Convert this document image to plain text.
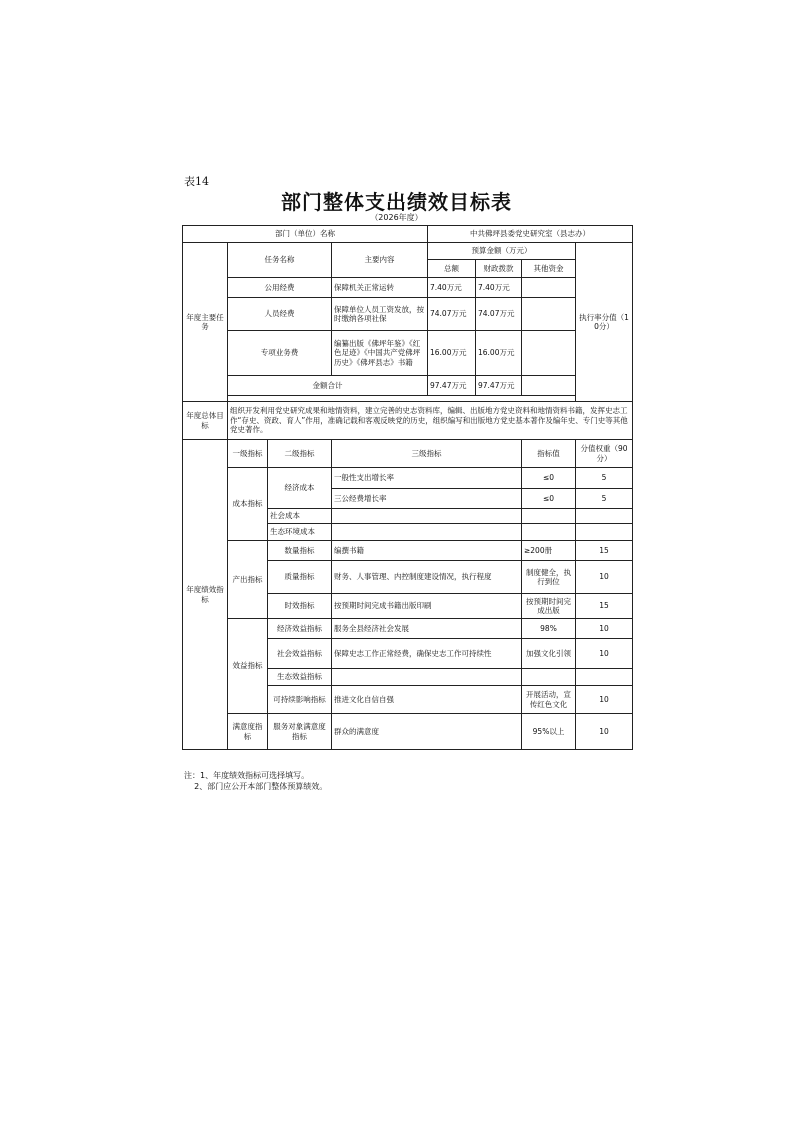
表14
部门整体支出绩效目标表
（2026年度）
部门（单位）名称				中共佛坪县委党史研究室（县志办）			
年度主要任务	任务名称		主要内容	预算金额（万元）			执行率分值（10分）
				总额	财政拨款	其他资金	
	公用经费		保障机关正常运转	7.40万元	7.40万元		
	人员经费		保障单位人员工资发放，按时缴纳各项社保	74.07万元	74.07万元		
	专项业务费		编纂出版《佛坪年鉴》《红色足迹》《中国共产党佛坪历史》《佛坪县志》书籍	16.00万元	16.00万元		
	金额合计			97.47万元	97.47万元		

年度总体目标	组织开发利用党史研究成果和地情资料，建立完善的史志资料库，编辑、出版地方党史资料和地情资料书籍，发挥史志工作“存史、资政、育人”作用，准确记载和客观反映党的历史，组织编写和出版地方党史基本著作及编年史、专门史等其他党史著作。						
年度绩效指标	一级指标	二级指标	三级指标			指标值	分值权重（90分）
	成本指标	经济成本	一般性支出增长率			≤0	5
			三公经费增长率			≤0	5
		社会成本					
		生态环境成本					
	产出指标	数量指标	编撰书籍			≥200册	15
		质量指标	财务、人事管理、内控制度建设情况，执行程度			制度健全，执行到位	10
		时效指标	按预期时间完成书籍出版印刷			按预期时间完成出版	15
	效益指标	经济效益指标	服务全县经济社会发展			98%	10
		社会效益指标	保障史志工作正常经费，确保史志工作可持续性			加强文化引领	10
		生态效益指标					
		可持续影响指标	推进文化自信自强			开展活动，宣传红色文化	10
	满意度指标	服务对象满意度指标	群众的满意度			95%以上	10
注：1、年度绩效指标可选择填写。
2、部门应公开本部门整体预算绩效。
